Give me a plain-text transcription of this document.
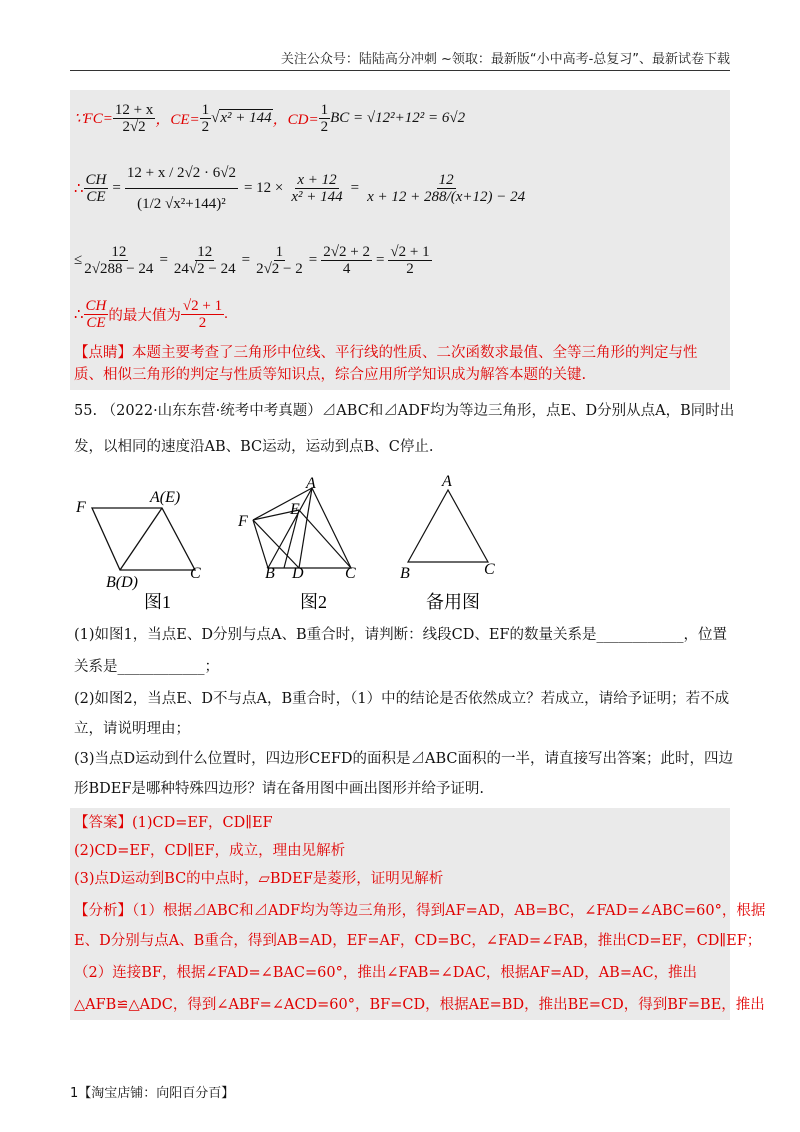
关注公众号：陆陆高分冲刺 ~领取：最新版“小中高考-总复习”、最新试卷下载
∵FC= $\frac{12 + x}{2√2}$ ，$CE= \frac{1}{2}$ √ x² + 144 ，$CD= \frac{1}{2}$ BC = √12²+12² = 6√2
∴ $\frac{CH}{CE} = \frac{12 + x / 2√2 \cdot 6√2}{\text{(1/2 √x²+144)²}} = 12 \times \frac{x + 12}{\text{x² + 144}} = \frac{12}{x + 12 + 288/(x+12) - 24}$
≤ $\frac{12}{2√288 - 24} = \frac{12}{24√2 - 24} = \frac{1}{2√2 - 2} = \frac{2√2 + 2}{4} = \frac{√2 + 1}{2}$
∴ $\frac{CH}{CE}$ 的最大值为 $\frac{√2 + 1}{2}$ .
【点睛】本题主要考查了三角形中位线、平行线的性质、二次函数求最值、全等三角形的判定与性质、相似三角形的判定与性质等知识点，综合应用所学知识成为解答本题的关键.
55. （2022·山东东营·统考中考真题）⊿ABC和⊿ADF均为等边三角形，点E、D分别从点A，B同时出
发，以相同的速度沿AB、BC运动，运动到点B、C停止.
F
A(E)
B(D)
C
图1
A
E
F
B D	C
图2
A
B	C
备用图
(1)如图1，当点E、D分别与点A、B重合时，请判断：线段CD、EF的数量关系是____________，位置
关系是____________；
(2)如图2，当点E、D不与点A，B重合时，（1）中的结论是否依然成立？若成立，请给予证明；若不成
立，请说明理由；
(3)当点D运动到什么位置时，四边形CEFD的面积是⊿ABC面积的一半，请直接写出答案；此时，四边
形BDEF是哪种特殊四边形？请在备用图中画出图形并给予证明.
【答案】(1)CD=EF，CD∥EF
(2)CD=EF，CD∥EF，成立，理由见解析
(3)点D运动到BC的中点时，▱BDEF是菱形，证明见解析
【分析】（1）根据⊿ABC和⊿ADF均为等边三角形，得到AF=AD，AB=BC，∠FAD=∠ABC=60°，根据
E、D分别与点A、B重合，得到AB=AD，EF=AF，CD=BC，∠FAD=∠FAB，推出CD=EF，CD∥EF；
（2）连接BF，根据∠FAD=∠BAC=60°，推出∠FAB=∠DAC，根据AF=AD，AB=AC，推出
△AFB≌△ADC，得到∠ABF=∠ACD=60°，BF=CD，根据AE=BD，推出BE=CD，得到BF=BE，推出
1【淘宝店铺：向阳百分百】
